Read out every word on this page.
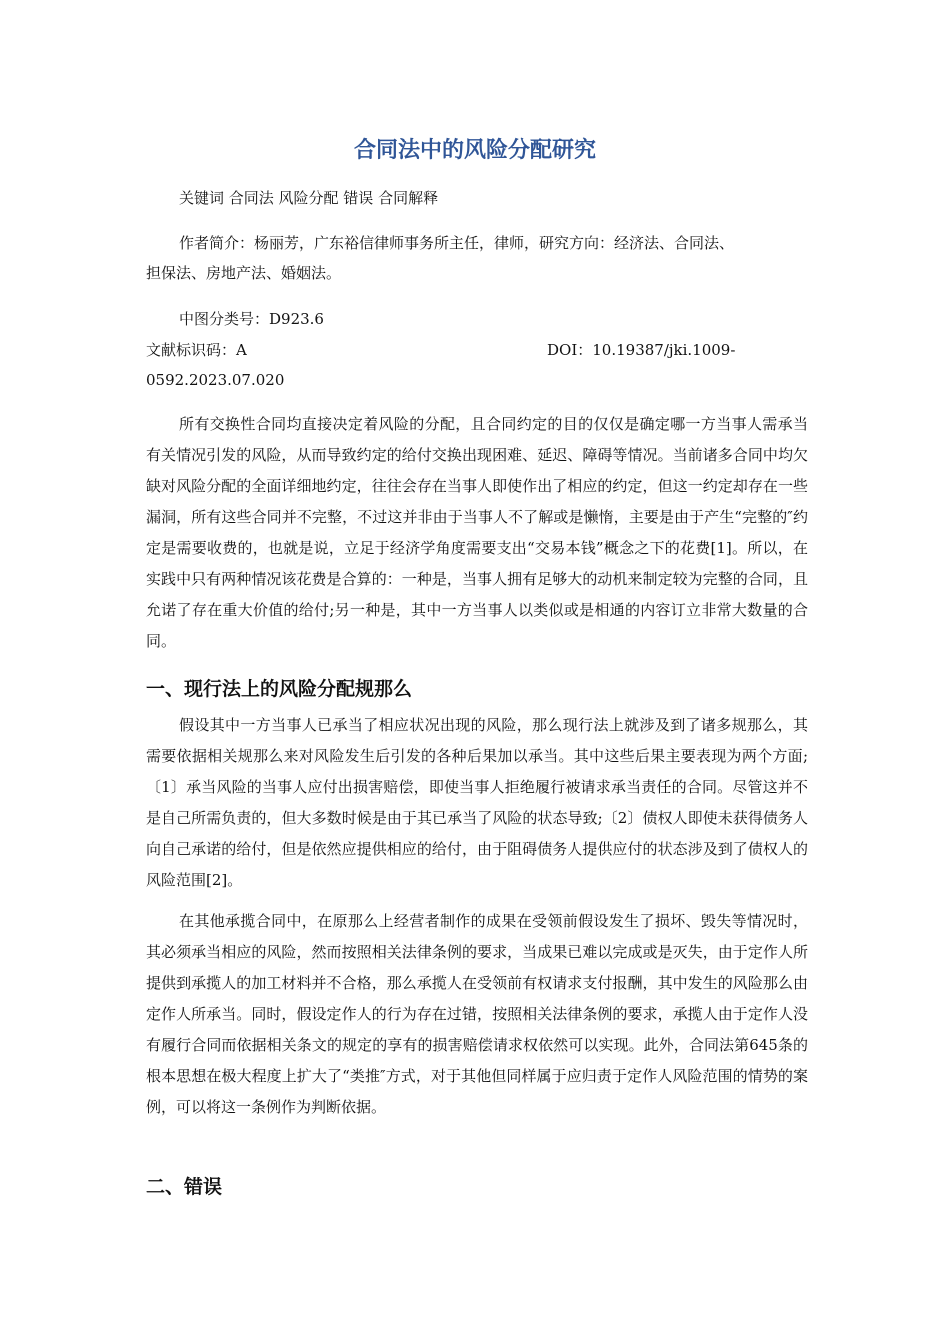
合同法中的风险分配研究
关键词 合同法 风险分配 错误 合同解释
作者简介：杨丽芳，广东裕信律师事务所主任，律师，研究方向：经济法、合同法、
担保法、房地产法、婚姻法。
中图分类号：D923.6
文献标识码：A	DOI：10.19387/jki.1009-
0592.2023.07.020
所有交换性合同均直接决定着风险的分配，且合同约定的目的仅仅是确定哪一方当事人需承当有关情况引发的风险，从而导致约定的给付交换出现困难、延迟、障碍等情况。当前诸多合同中均欠缺对风险分配的全面详细地约定，往往会存在当事人即使作出了相应的约定，但这一约定却存在一些漏洞，所有这些合同并不完整，不过这并非由于当事人不了解或是懒惰，主要是由于产生“完整的″约定是需要收费的，也就是说，立足于经济学角度需要支出“交易本钱”概念之下的花费[1]。所以，在实践中只有两种情况该花费是合算的：一种是，当事人拥有足够大的动机来制定较为完整的合同，且允诺了存在重大价值的给付;另一种是，其中一方当事人以类似或是相通的内容订立非常大数量的合同。
一、现行法上的风险分配规那么
假设其中一方当事人已承当了相应状况出现的风险，那么现行法上就涉及到了诸多规那么，其需要依据相关规那么来对风险发生后引发的各种后果加以承当。其中这些后果主要表现为两个方面;〔1〕承当风险的当事人应付出损害赔偿，即使当事人拒绝履行被请求承当责任的合同。尽管这并不是自己所需负责的，但大多数时候是由于其已承当了风险的状态导致;〔2〕债权人即使未获得债务人向自己承诺的给付，但是依然应提供相应的给付，由于阻碍债务人提供应付的状态涉及到了债权人的风险范围[2]。
在其他承揽合同中，在原那么上经营者制作的成果在受领前假设发生了损坏、毁失等情况时，其必须承当相应的风险，然而按照相关法律条例的要求，当成果已难以完成或是灭失，由于定作人所提供到承揽人的加工材料并不合格，那么承揽人在受领前有权请求支付报酬，其中发生的风险那么由定作人所承当。同时，假设定作人的行为存在过错，按照相关法律条例的要求，承揽人由于定作人没有履行合同而依据相关条文的规定的享有的损害赔偿请求权依然可以实现。此外，合同法第645条的根本思想在极大程度上扩大了“类推″方式，对于其他但同样属于应归责于定作人风险范围的情势的案例，可以将这一条例作为判断依据。
二、错误
